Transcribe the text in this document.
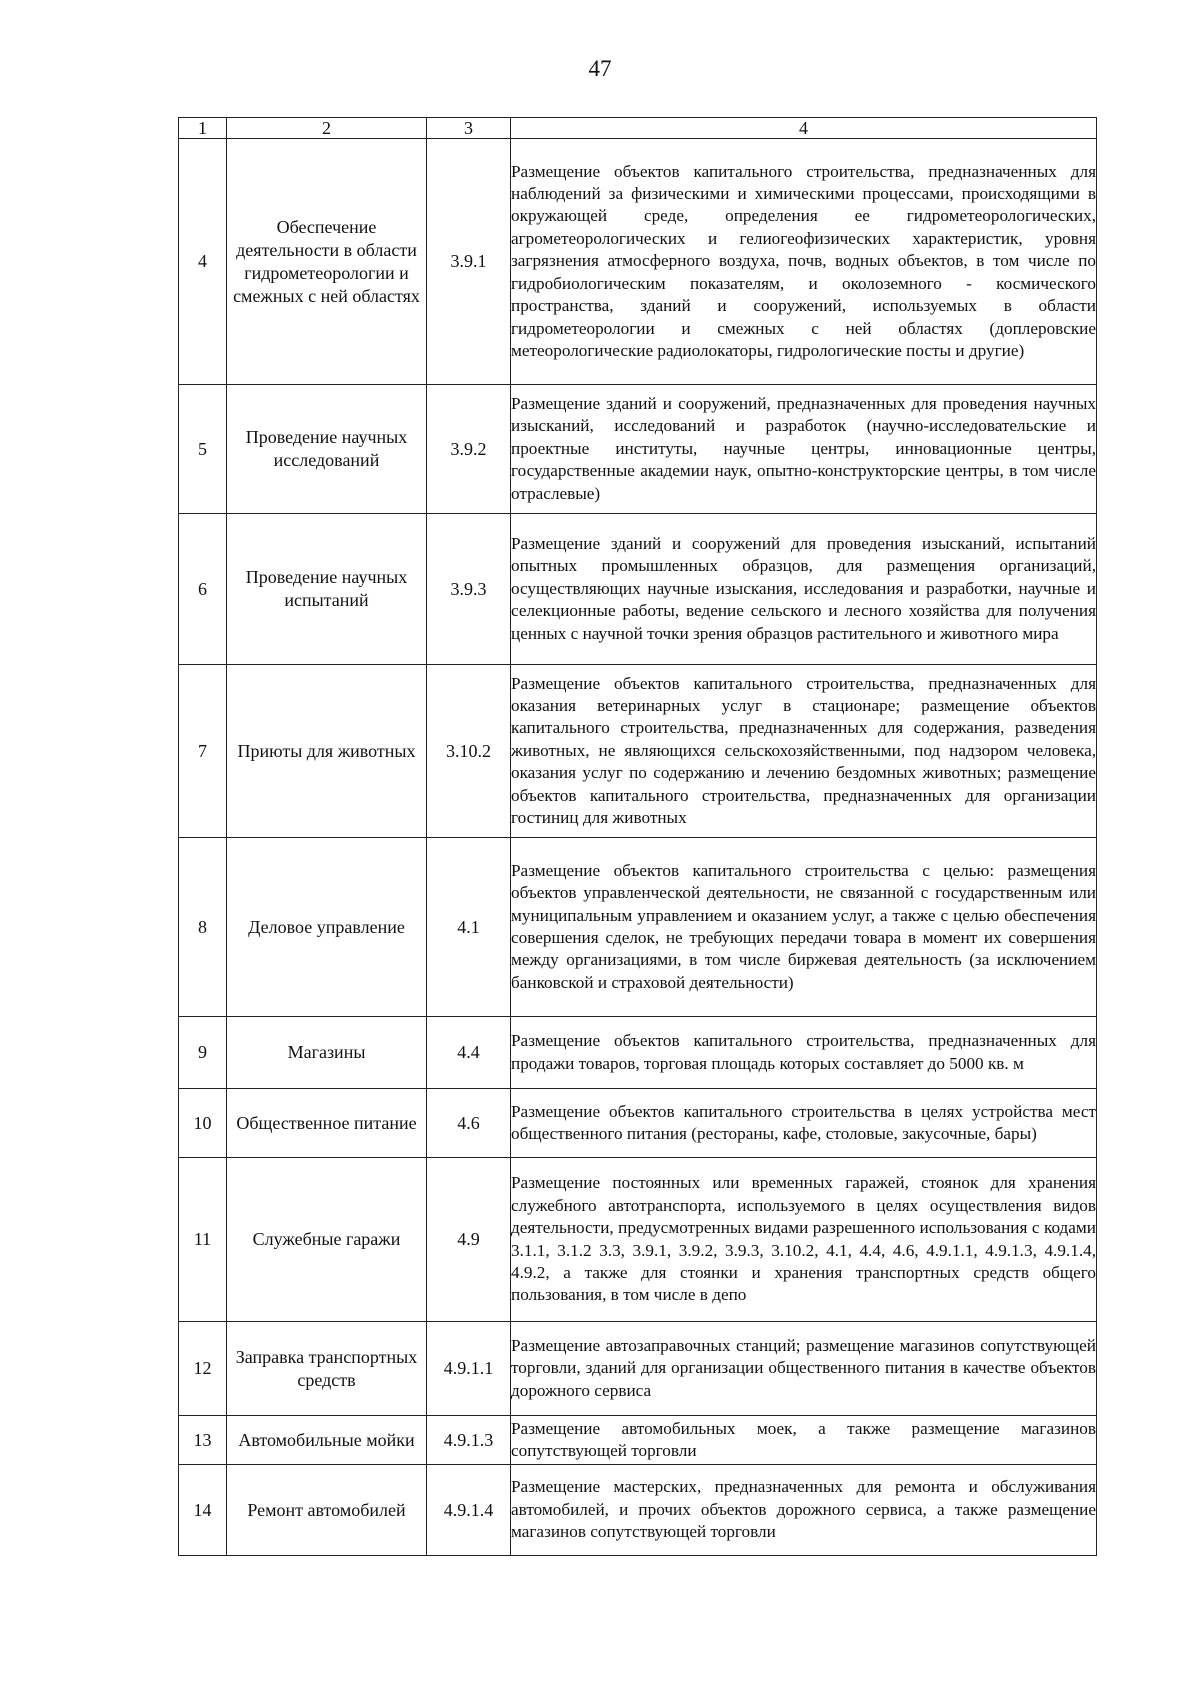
47
1	2	3	4
4	Обеспечение деятельности в области гидрометеорологии и смежных с ней областях	3.9.1	Размещение объектов капитального строительства, предназначенных для наблюдений за физическими и химическими процессами, происходящими в окружающей среде, определения ее гидрометеорологических, агрометеорологических и гелиогеофизических характеристик, уровня загрязнения атмосферного воздуха, почв, водных объектов, в том числе по гидробиологическим показателям, и околоземного - космического пространства, зданий и сооружений, используемых в области гидрометеорологии и смежных с ней областях (доплеровские метеорологические радиолокаторы, гидрологические посты и другие)
5	Проведение научных исследований	3.9.2	Размещение зданий и сооружений, предназначенных для проведения научных изысканий, исследований и разработок (научно-исследовательские и проектные институты, научные центры, инновационные центры, государственные академии наук, опытно-конструкторские центры, в том числе отраслевые)
6	Проведение научных испытаний	3.9.3	Размещение зданий и сооружений для проведения изысканий, испытаний опытных промышленных образцов, для размещения организаций, осуществляющих научные изыскания, исследования и разработки, научные и селекционные работы, ведение сельского и лесного хозяйства для получения ценных с научной точки зрения образцов растительного и животного мира
7	Приюты для животных	3.10.2	Размещение объектов капитального строительства, предназначенных для оказания ветеринарных услуг в стационаре; размещение объектов капитального строительства, предназначенных для содержания, разведения животных, не являющихся сельскохозяйственными, под надзором человека, оказания услуг по содержанию и лечению бездомных животных; размещение объектов капитального строительства, предназначенных для организации гостиниц для животных
8	Деловое управление	4.1	Размещение объектов капитального строительства с целью: размещения объектов управленческой деятельности, не связанной с государственным или муниципальным управлением и оказанием услуг, а также с целью обеспечения совершения сделок, не требующих передачи товара в момент их совершения между организациями, в том числе биржевая деятельность (за исключением банковской и страховой деятельности)
9	Магазины	4.4	Размещение объектов капитального строительства, предназначенных для продажи товаров, торговая площадь которых составляет до 5000 кв. м
10	Общественное питание	4.6	Размещение объектов капитального строительства в целях устройства мест общественного питания (рестораны, кафе, столовые, закусочные, бары)
11	Служебные гаражи	4.9	Размещение постоянных или временных гаражей, стоянок для хранения служебного автотранспорта, используемого в целях осуществления видов деятельности, предусмотренных видами разрешенного использования с кодами 3.1.1, 3.1.2 3.3, 3.9.1, 3.9.2, 3.9.3, 3.10.2, 4.1, 4.4, 4.6, 4.9.1.1, 4.9.1.3, 4.9.1.4, 4.9.2, а также для стоянки и хранения транспортных средств общего пользования, в том числе в депо
12	Заправка транспортных средств	4.9.1.1	Размещение автозаправочных станций; размещение магазинов сопутствующей торговли, зданий для организации общественного питания в качестве объектов дорожного сервиса
13	Автомобильные мойки	4.9.1.3	Размещение автомобильных моек, а также размещение магазинов сопутствующей торговли
14	Ремонт автомобилей	4.9.1.4	Размещение мастерских, предназначенных для ремонта и обслуживания автомобилей, и прочих объектов дорожного сервиса, а также размещение магазинов сопутствующей торговли
